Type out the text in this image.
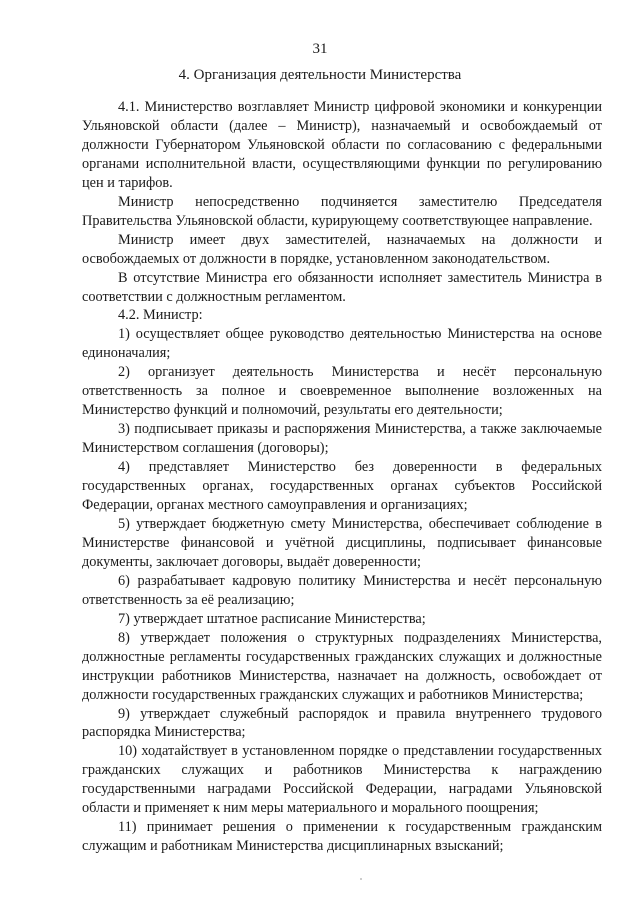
31
4. Организация деятельности Министерства

4.1. Министерство возглавляет Министр цифровой экономики и конкуренции Ульяновской области (далее – Министр), назначаемый и освобождаемый от должности Губернатором Ульяновской области по согласованию с федеральными органами исполнительной власти, осуществляющими функции по регулированию цен и тарифов.

Министр непосредственно подчиняется заместителю Председателя Правительства Ульяновской области, курирующему соответствующее направление.

Министр имеет двух заместителей, назначаемых на должности и освобождаемых от должности в порядке, установленном законодательством.

В отсутствие Министра его обязанности исполняет заместитель Министра в соответствии с должностным регламентом.

4.2. Министр:

1) осуществляет общее руководство деятельностью Министерства на основе единоначалия;

2) организует деятельность Министерства и несёт персональную ответственность за полное и своевременное выполнение возложенных на Министерство функций и полномочий, результаты его деятельности;

3) подписывает приказы и распоряжения Министерства, а также заключаемые Министерством соглашения (договоры);

4) представляет Министерство без доверенности в федеральных государственных органах, государственных органах субъектов Российской Федерации, органах местного самоуправления и организациях;

5) утверждает бюджетную смету Министерства, обеспечивает соблюдение в Министерстве финансовой и учётной дисциплины, подписывает финансовые документы, заключает договоры, выдаёт доверенности;

6) разрабатывает кадровую политику Министерства и несёт персональную ответственность за её реализацию;

7) утверждает штатное расписание Министерства;

8) утверждает положения о структурных подразделениях Министерства, должностные регламенты государственных гражданских служащих и должностные инструкции работников Министерства, назначает на должность, освобождает от должности государственных гражданских служащих и работников Министерства;

9) утверждает служебный распорядок и правила внутреннего трудового распорядка Министерства;

10) ходатайствует в установленном порядке о представлении государственных гражданских служащих и работников Министерства к награждению государственными наградами Российской Федерации, наградами Ульяновской области и применяет к ним меры материального и морального поощрения;

11) принимает решения о применении к государственным гражданским служащим и работникам Министерства дисциплинарных взысканий;
